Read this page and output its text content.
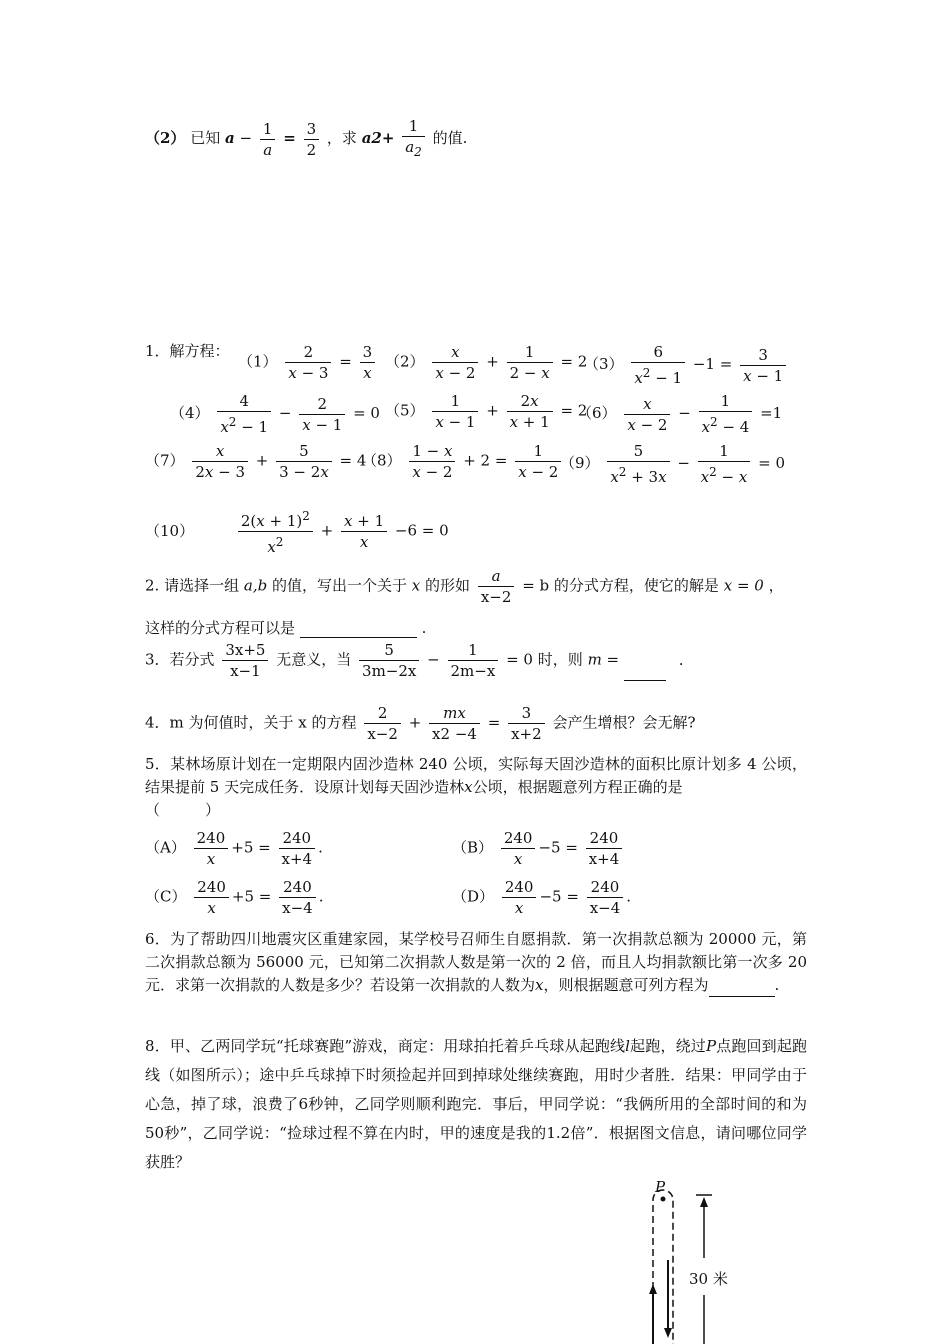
（2） 已知 $a - \frac{1}{a} = \frac{3}{2}$ ，求 $a2+ \frac{1}{a_2}$ 的值.
1．解方程：
$(1) \frac{2}{x - 3} = \frac{3}{x} (2) \frac{x}{x - 2} + \frac{1}{2 - x} = 2$
$(3) \frac{6}{x^2 - 1} -1 = \frac{3}{x - 1}$
$(4) \frac{4}{x^2 - 1} - \frac{2}{x - 1} = 0$ $(5) \frac{1}{x - 1} + \frac{2x}{x + 1} = 2$
$(6) \frac{x}{x - 2} - \frac{1}{x^2 - 4} =1$
$(7) \frac{x}{2x - 3} + \frac{5}{3 - 2x} = 4$
$(8) \frac{1 - x}{x - 2} + 2 = \frac{1}{x - 2}$
$(9) \frac{5}{x^2 + 3x} - \frac{1}{x^2 - x} = 0$
（10）	$\frac{2(x + 1)^2}{x^2} + \frac{x + 1}{x} -6 = 0$
2. 请选择一组 a,b 的值，写出一个关于 x 的形如 $\frac{a}{x-2} = b$ 的分式方程，使它的解是 x = 0 ，
这样的分式方程可以是	.
3．若分式 $\frac{3x+5}{x-1}$ 无意义，当 $\frac{5}{3m-2x} - \frac{1}{2m-x} = 0$ 时，则 m =	.
4．m 为何值时，关于 x 的方程 $\frac{2}{x-2} + \frac{mx}{x2 -4} = \frac{3}{x+2}$ 会产生增根？会无解?
5．某林场原计划在一定期限内固沙造林 240 公顷，实际每天固沙造林的面积比原计划多 4 公顷，结果提前 5 天完成任务．设原计划每天固沙造林x公顷，根据题意列方程正确的是
（　　　）
$(A) \frac{240}{x} +5 = \frac{240}{x+4}$ .	$(B) \frac{240}{x} -5 = \frac{240}{x+4}$
$(C) \frac{240}{x} +5 = \frac{240}{x-4}$ .	$(D) \frac{240}{x} -5 = \frac{240}{x-4}$ .
6．为了帮助四川地震灾区重建家园，某学校号召师生自愿捐款．第一次捐款总额为 20000 元，第二次捐款总额为 56000 元，已知第二次捐款人数是第一次的 2 倍，而且人均捐款额比第一次多 20 元．求第一次捐款的人数是多少？若设第一次捐款的人数为x，则根据题意可列方程为	.
8．甲、乙两同学玩“托球赛跑”游戏，商定：用球拍托着乒乓球从起跑线l起跑，绕过P点跑回到起跑线（如图所示）；途中乒乓球掉下时须捡起并回到掉球处继续赛跑，用时少者胜．结果：甲同学由于心急，掉了球，浪费了6秒钟，乙同学则顺利跑完．事后，甲同学说：“我俩所用的全部时间的和为50秒”，乙同学说：“捡球过程不算在内时，甲的速度是我的1.2倍”．根据图文信息，请问哪位同学获胜？
P
30 米
